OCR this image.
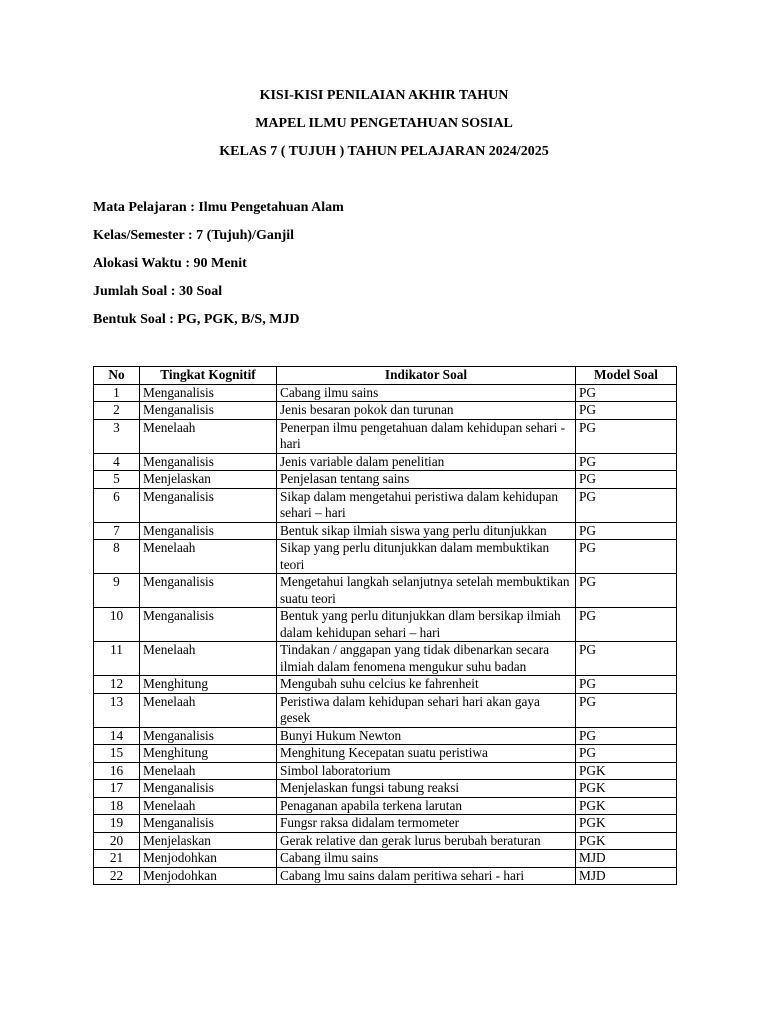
KISI-KISI PENILAIAN AKHIR TAHUN
MAPEL ILMU PENGETAHUAN SOSIAL
KELAS 7 ( TUJUH ) TAHUN PELAJARAN 2024/2025
Mata Pelajaran : Ilmu Pengetahuan Alam
Kelas/Semester : 7 (Tujuh)/Ganjil
Alokasi Waktu : 90 Menit
Jumlah Soal : 30 Soal
Bentuk Soal : PG, PGK, B/S, MJD
No	Tingkat Kognitif	Indikator Soal	Model Soal
1	Menganalisis	Cabang ilmu sains	PG
2	Menganalisis	Jenis besaran pokok dan turunan	PG
3	Menelaah	Penerpan ilmu pengetahuan dalam kehidupan sehari - hari	PG
4	Menganalisis	Jenis variable dalam penelitian	PG
5	Menjelaskan	Penjelasan tentang sains	PG
6	Menganalisis	Sikap dalam mengetahui peristiwa dalam kehidupan sehari – hari	PG
7	Menganalisis	Bentuk sikap ilmiah siswa yang perlu ditunjukkan	PG
8	Menelaah	Sikap yang perlu ditunjukkan dalam membuktikan teori	PG
9	Menganalisis	Mengetahui langkah selanjutnya setelah membuktikan suatu teori	PG
10	Menganalisis	Bentuk yang perlu ditunjukkan dlam bersikap ilmiah dalam kehidupan sehari – hari	PG
11	Menelaah	Tindakan / anggapan yang tidak dibenarkan secara ilmiah dalam fenomena mengukur suhu badan	PG
12	Menghitung	Mengubah suhu celcius ke fahrenheit	PG
13	Menelaah	Peristiwa dalam kehidupan sehari hari akan gaya gesek	PG
14	Menganalisis	Bunyi Hukum Newton	PG
15	Menghitung	Menghitung Kecepatan suatu peristiwa	PG
16	Menelaah	Simbol laboratorium	PGK
17	Menganalisis	Menjelaskan fungsi tabung reaksi	PGK
18	Menelaah	Penaganan apabila terkena larutan	PGK
19	Menganalisis	Fungsr raksa didalam termometer	PGK
20	Menjelaskan	Gerak relative dan gerak lurus berubah beraturan	PGK
21	Menjodohkan	Cabang ilmu sains	MJD
22	Menjodohkan	Cabang lmu sains dalam peritiwa sehari - hari	MJD
